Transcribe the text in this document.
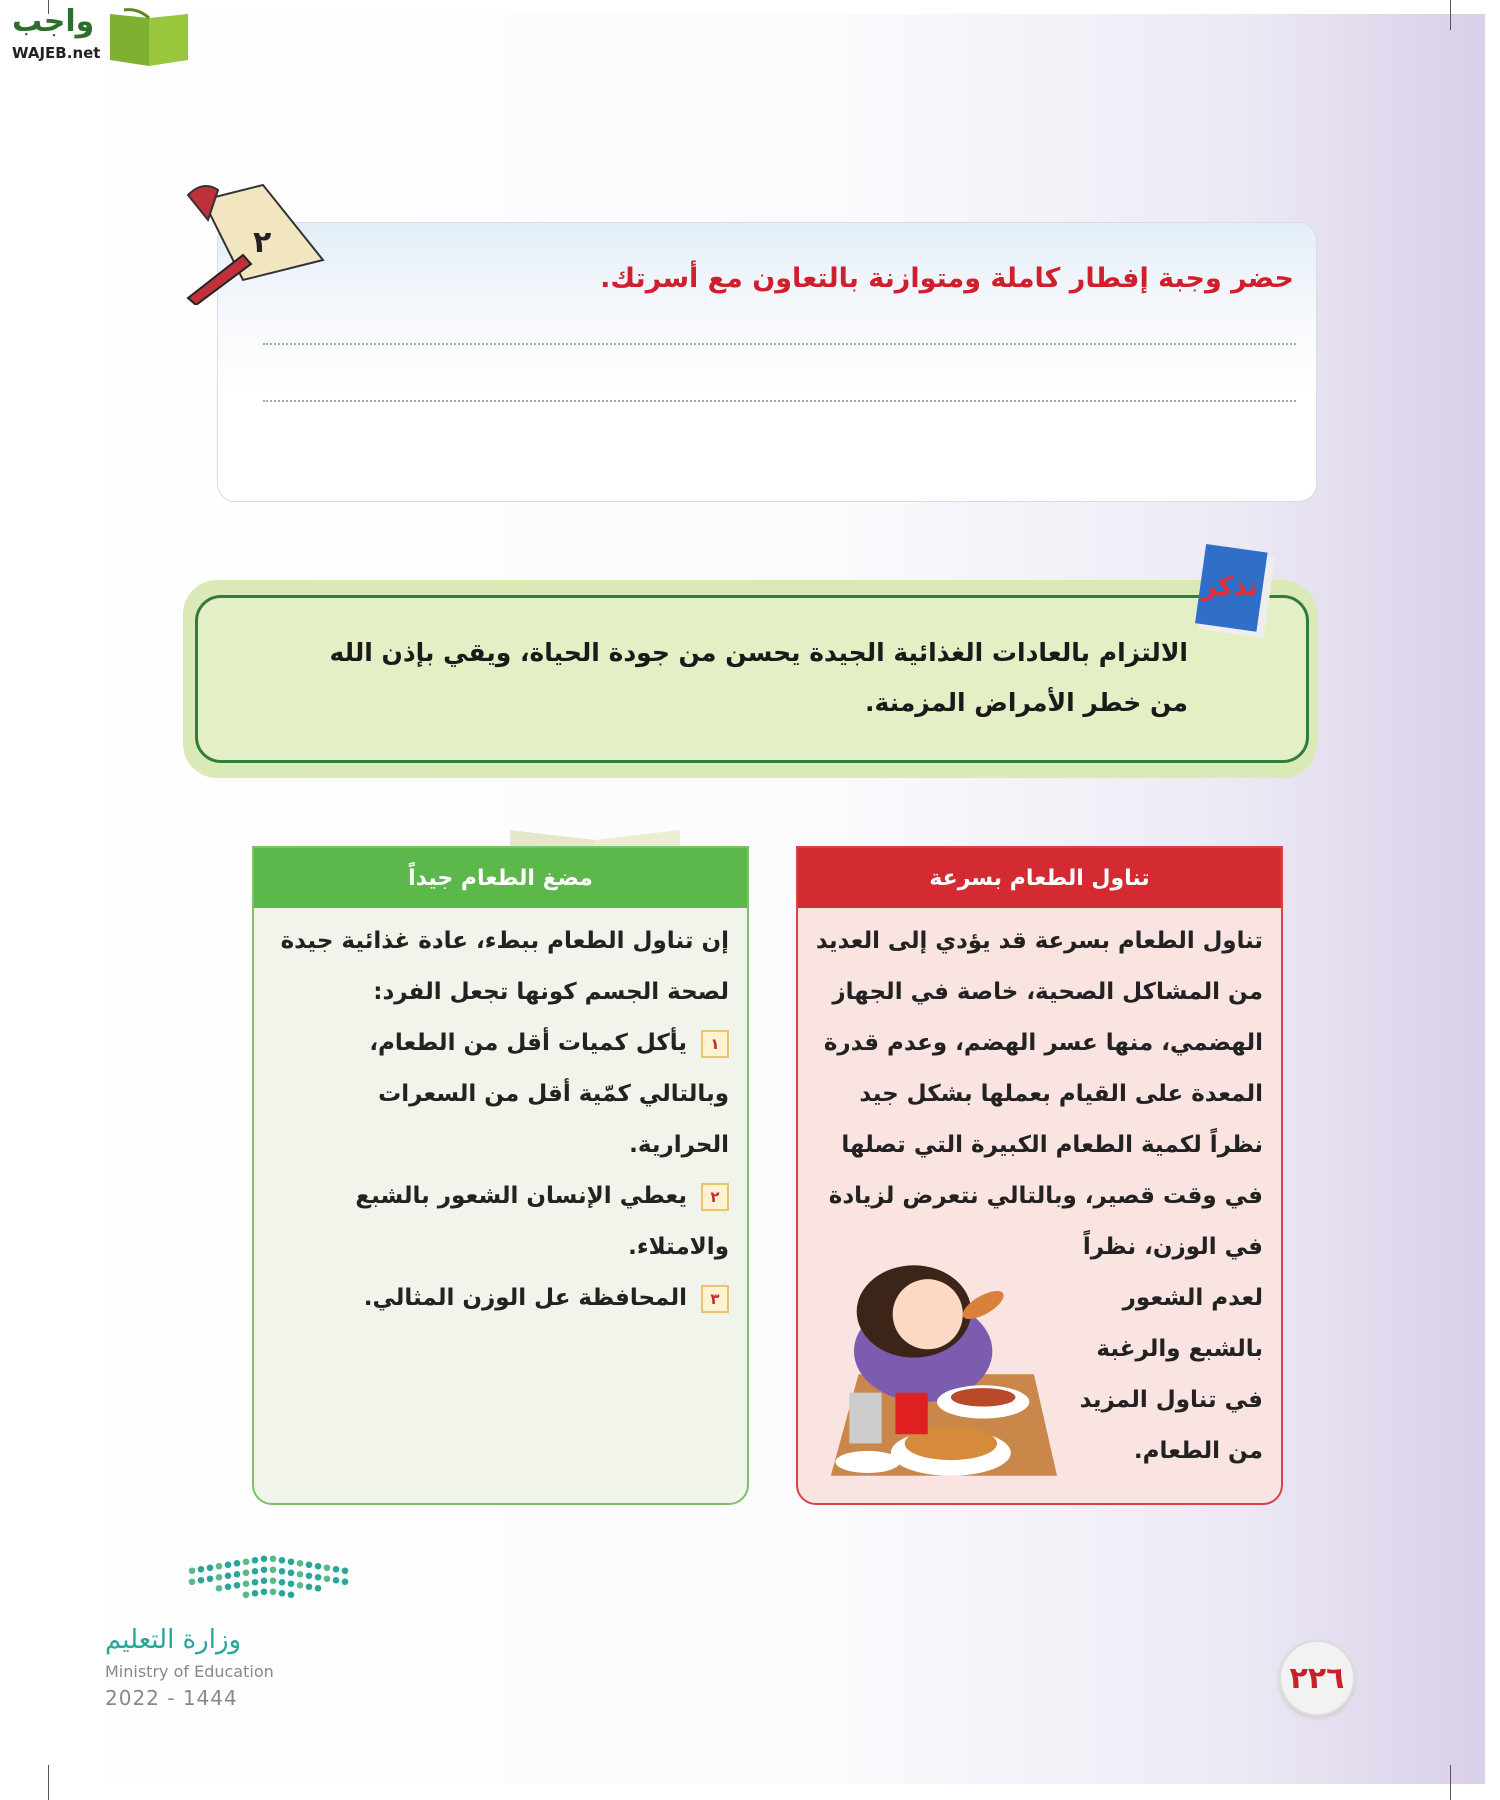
واجب
WAJEB.net
حضر وجبة إفطار كاملة ومتوازنة بالتعاون مع أسرتك.
٢
الالتزام بالعادات الغذائية الجيدة يحسن من جودة الحياة، ويقي بإذن الله من خطر الأمراض المزمنة.
تذكر
تناول الطعام بسرعة
تناول الطعام بسرعة قد يؤدي إلى العديد
من المشاكل الصحية، خاصة في الجهاز
الهضمي، منها عسر الهضم، وعدم قدرة
المعدة على القيام بعملها بشكل جيد
نظراً لكمية الطعام الكبيرة التي تصلها
في وقت قصير، وبالتالي نتعرض لزيادة
في الوزن، نظراً
لعدم الشعور
بالشبع والرغبة
في تناول المزيد
من الطعام.
مضغ الطعام جيداً
إن تناول الطعام ببطء، عادة غذائية جيدة لصحة الجسم كونها تجعل الفرد:
١يأكل كميات أقل من الطعام، وبالتالي كمّية أقل من السعرات الحرارية.
٢يعطي الإنسان الشعور بالشبع والامتلاء.
٣المحافظة عل الوزن المثالي.
وزارة التعليم
Ministry of Education
2022 - 1444
٢٢٦
